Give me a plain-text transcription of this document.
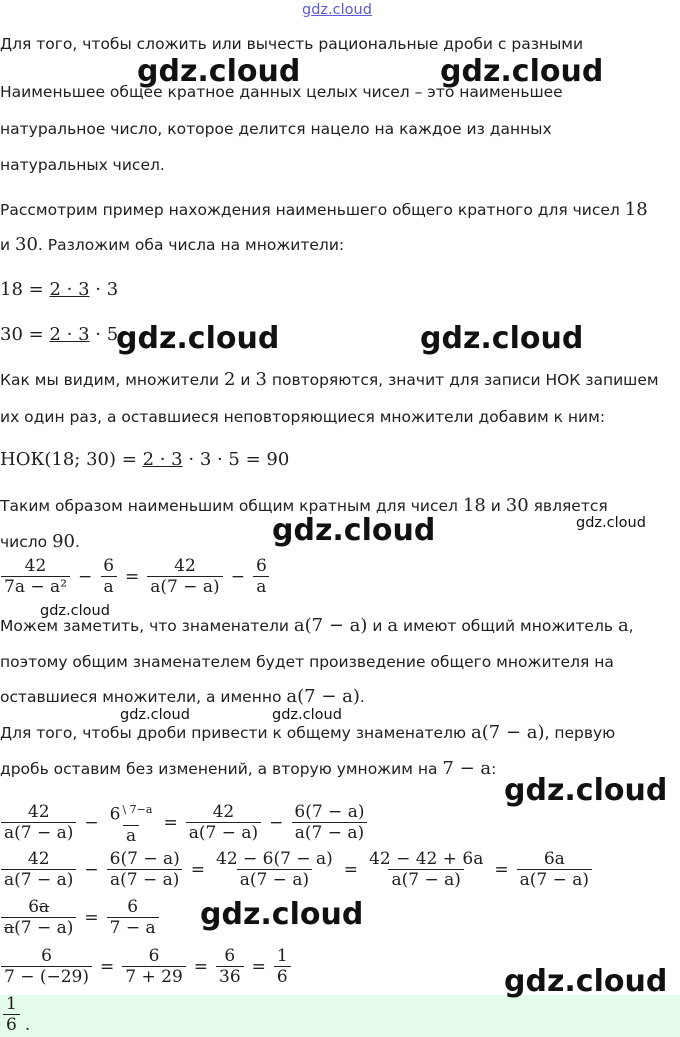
gdz.cloud
Для того, чтобы сложить или вычесть рациональные дроби с разными
Наименьшее общее кратное данных целых чисел – это наименьшее
натуральное число, которое делится нацело на каждое из данных
натуральных чисел.
Рассмотрим пример нахождения наименьшего общего кратного для чисел 18
и 30. Разложим оба числа на множители:
18 = 2 · 3 · 3
30 = 2 · 3 · 5
Как мы видим, множители 2 и 3 повторяются, значит для записи НОК запишем
их один раз, а оставшиеся неповторяющиеся множители добавим к ним:
НОК(18; 30) = 2 · 3 · 3 · 5 = 90
Таким образом наименьшим общим кратным для чисел 18 и 30 является
число 90.
$\frac{42}{\text{7a − a²}} - \frac{6}{a} = \frac{42}{a(7 - a)} - \frac{6}{a}$
Можем заметить, что знаменатели a(7 − a) и a имеют общий множитель a,
поэтому общим знаменателем будет произведение общего множителя на
оставшиеся множители, а именно a(7 − a).
Для того, чтобы дроби привести к общему знаменателю a(7 − a), первую
дробь оставим без изменений, а вторую умножим на 7 − a:
$\frac{42}{a(7 - a)} - \frac{6 ^{\backslash 7-a}}{a} = \frac{42}{a(7 - a)} - \frac{6(7 - a)}{a(7 - a)}$
$\frac{42}{a(7 - a)} - \frac{6(7 - a)}{a(7 - a)} = \frac{42 - 6(7 - a)}{a(7 - a)} = \frac{42 - 42 + 6a}{a(7 - a)} = \frac{6a}{a(7 - a)}$
$\frac{6a}{a(7 - a)} = \frac{6}{7 - a}$
$\frac{6}{7 - (-29)} = \frac{6}{7 + 29} = \frac{6}{36} = \frac{1}{6}$
$\frac{1}{6}$ .
gdz.cloud	gdz.cloud
gdz.cloud	gdz.cloud
gdz.cloud	gdz.cloud
gdz.cloud
gdz.cloud	gdz.cloud
gdz.cloud
gdz.cloud
gdz.cloud
